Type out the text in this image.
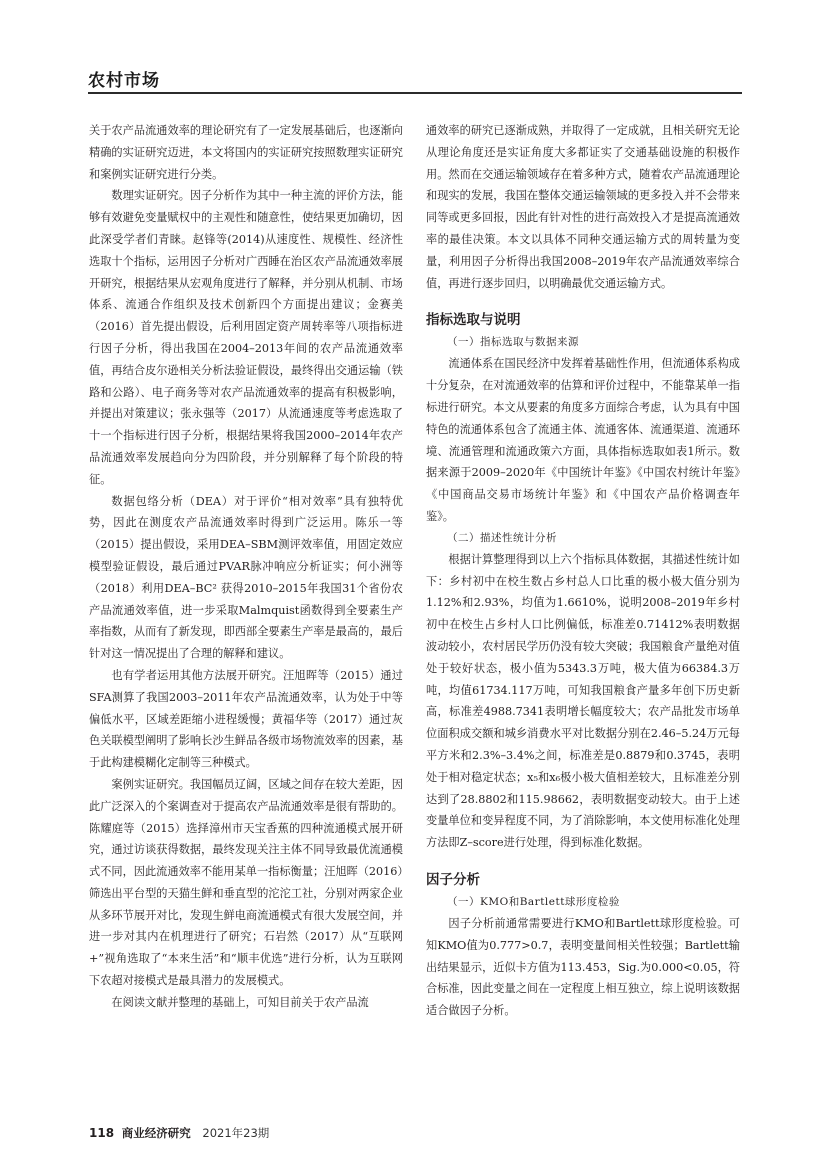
农村市场

关于农产品流通效率的理论研究有了一定发展基础后，也逐渐向精确的实证研究迈进，本文将国内的实证研究按照数理实证研究和案例实证研究进行分类。

数理实证研究。因子分析作为其中一种主流的评价方法，能够有效避免变量赋权中的主观性和随意性，使结果更加确切，因此深受学者们青睐。赵锋等(2014)从速度性、规模性、经济性选取十个指标，运用因子分析对广西睡在治区农产品流通效率展开研究，根据结果从宏观角度进行了解释，并分别从机制、市场体系、流通合作组织及技术创新四个方面提出建议；金赛美（2016）首先提出假设，后利用固定资产周转率等八项指标进行因子分析，得出我国在2004–2013年间的农产品流通效率值，再结合皮尔逊相关分析法验证假设，最终得出交通运输（铁路和公路）、电子商务等对农产品流通效率的提高有积极影响，并提出对策建议；张永强等（2017）从流通速度等考虑选取了十一个指标进行因子分析，根据结果将我国2000–2014年农产品流通效率发展趋向分为四阶段，并分别解释了每个阶段的特征。

数据包络分析（DEA）对于评价“相对效率”具有独特优势，因此在测度农产品流通效率时得到广泛运用。陈乐一等（2015）提出假设，采用DEA–SBM测评效率值，用固定效应模型验证假设，最后通过PVAR脉冲响应分析证实；何小洲等（2018）利用DEA–BC² 获得2010–2015年我国31个省份农产品流通效率值，进一步采取Malmquist函数得到全要素生产率指数，从而有了新发现，即西部全要素生产率是最高的，最后针对这一情况提出了合理的解释和建议。

也有学者运用其他方法展开研究。汪旭晖等（2015）通过SFA测算了我国2003–2011年农产品流通效率，认为处于中等偏低水平，区域差距缩小进程缓慢；黄福华等（2017）通过灰色关联模型阐明了影响长沙生鲜品各级市场物流效率的因素，基于此构建模糊化定制等三种模式。

案例实证研究。我国幅员辽阔，区域之间存在较大差距，因此广泛深入的个案调查对于提高农产品流通效率是很有帮助的。陈耀庭等（2015）选择漳州市天宝香蕉的四种流通模式展开研究，通过访谈获得数据，最终发现关注主体不同导致最优流通模式不同，因此流通效率不能用某单一指标衡量；汪旭晖（2016）筛选出平台型的天猫生鲜和垂直型的沱沱工社，分别对两家企业从多环节展开对比，发现生鲜电商流通模式有很大发展空间，并进一步对其内在机理进行了研究；石岩然（2017）从“互联网+”视角选取了“本来生活”和“顺丰优选”进行分析，认为互联网下农超对接模式是最具潜力的发展模式。

在阅读文献并整理的基础上，可知目前关于农产品流

通效率的研究已逐渐成熟，并取得了一定成就，且相关研究无论从理论角度还是实证角度大多都证实了交通基础设施的积极作用。然而在交通运输领域存在着多种方式，随着农产品流通理论和现实的发展，我国在整体交通运输领域的更多投入并不会带来同等或更多回报，因此有针对性的进行高效投入才是提高流通效率的最佳决策。本文以具体不同种交通运输方式的周转量为变量，利用因子分析得出我国2008–2019年农产品流通效率综合值，再进行逐步回归，以明确最优交通运输方式。

指标选取与说明
（一）指标选取与数据来源

流通体系在国民经济中发挥着基础性作用，但流通体系构成十分复杂，在对流通效率的估算和评价过程中，不能靠某单一指标进行研究。本文从要素的角度多方面综合考虑，认为具有中国特色的流通体系包含了流通主体、流通客体、流通渠道、流通环境、流通管理和流通政策六方面，具体指标选取如表1所示。数据来源于2009–2020年《中国统计年鉴》《中国农村统计年鉴》《中国商品交易市场统计年鉴》和《中国农产品价格调查年鉴》。

（二）描述性统计分析

根据计算整理得到以上六个指标具体数据，其描述性统计如下：乡村初中在校生数占乡村总人口比重的极小极大值分别为1.12%和2.93%，均值为1.6610%，说明2008–2019年乡村初中在校生占乡村人口比例偏低，标准差0.71412%表明数据波动较小，农村居民学历仍没有较大突破；我国粮食产量绝对值处于较好状态，极小值为5343.3万吨，极大值为66384.3万吨，均值61734.117万吨，可知我国粮食产量多年创下历史新高，标准差4988.7341表明增长幅度较大；农产品批发市场单位面积成交额和城乡消费水平对比数据分别在2.46–5.24万元每平方米和2.3%–3.4%之间，标准差是0.8879和0.3745，表明处于相对稳定状态；x₅和x₆极小极大值相差较大，且标准差分别达到了28.8802和115.98662，表明数据变动较大。由于上述变量单位和变异程度不同，为了消除影响，本文使用标准化处理方法即Z–score进行处理，得到标准化数据。

因子分析
（一）KMO和Bartlett球形度检验

因子分析前通常需要进行KMO和Bartlett球形度检验。可知KMO值为0.777>0.7，表明变量间相关性较强；Bartlett输出结果显示，近似卡方值为113.453，Sig.为0.000<0.05，符合标准，因此变量之间在一定程度上相互独立，综上说明该数据适合做因子分析。

118 商业经济研究 2021年23期
